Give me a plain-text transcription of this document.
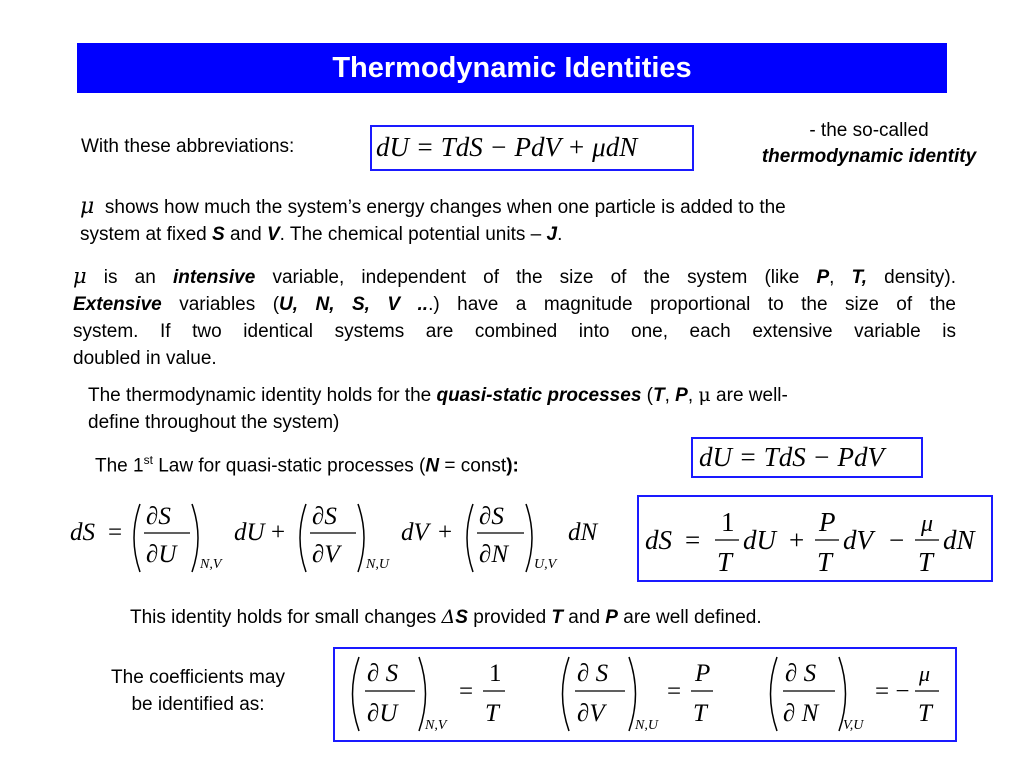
Thermodynamic Identities
With these abbreviations:	dU = TdS − PdV + μdN
- the so-called
thermodynamic identity
μ shows how much the system’s energy changes when one particle is added to the
system at fixed S and V. The chemical potential units – J.
μ is an intensive variable, independent of the size of the system (like P, T, density).
Extensive variables (U, N, S, V ...) have a magnitude proportional to the size of the
system. If two identical systems are combined into one, each extensive variable is
doubled in value.
The thermodynamic identity holds for the quasi-static processes (T, P, μ are well-
define throughout the system)
The 1st Law for quasi-static processes (N = const):	dU = TdS − PdV
dS =
∂S
∂U N,V
dU +
∂S
∂V N,U
dV +
∂S
∂N U,V
dN dS =
1
T
dU +
P
T
dV −
μ
T
dN
This identity holds for small changes ΔS provided T and P are well defined.
The coefficients may
be identified as:
∂ S
∂U N,V
=
1
T
∂ S
∂V N,U
=
P
T
∂ S
∂ N V,U
= −
μ
T
